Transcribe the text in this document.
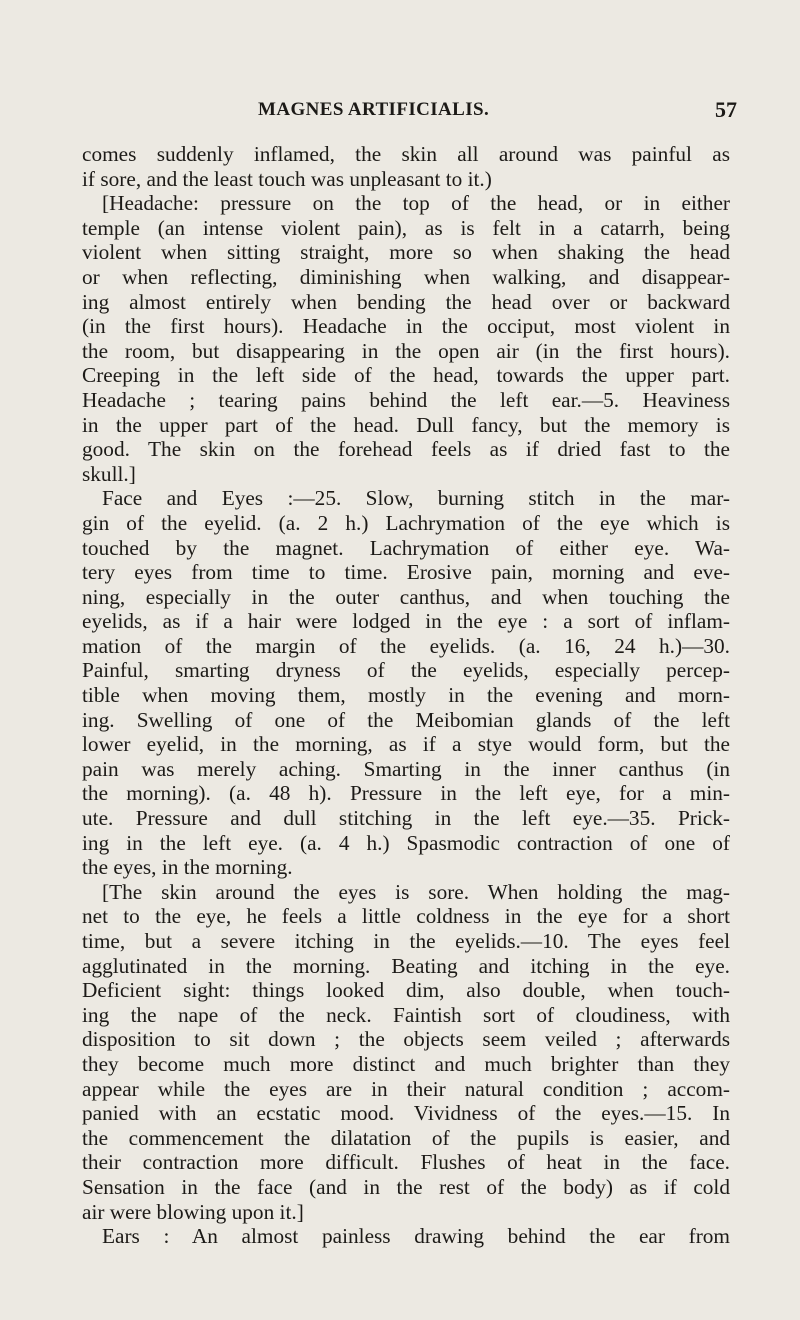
MAGNES ARTIFICIALIS.	57
comes suddenly inflamed, the skin all around was painful as
if sore, and the least touch was unpleasant to it.)
[Headache: pressure on the top of the head, or in either
temple (an intense violent pain), as is felt in a catarrh, being
violent when sitting straight, more so when shaking the head
or when reflecting, diminishing when walking, and disappear-
ing almost entirely when bending the head over or backward
(in the first hours). Headache in the occiput, most violent in
the room, but disappearing in the open air (in the first hours).
Creeping in the left side of the head, towards the upper part.
Headache ; tearing pains behind the left ear.—5. Heaviness
in the upper part of the head. Dull fancy, but the memory is
good. The skin on the forehead feels as if dried fast to the
skull.]
Face and Eyes :—25. Slow, burning stitch in the mar-
gin of the eyelid. (a. 2 h.) Lachrymation of the eye which is
touched by the magnet. Lachrymation of either eye. Wa-
tery eyes from time to time. Erosive pain, morning and eve-
ning, especially in the outer canthus, and when touching the
eyelids, as if a hair were lodged in the eye : a sort of inflam-
mation of the margin of the eyelids. (a. 16, 24 h.)—30.
Painful, smarting dryness of the eyelids, especially percep-
tible when moving them, mostly in the evening and morn-
ing. Swelling of one of the Meibomian glands of the left
lower eyelid, in the morning, as if a stye would form, but the
pain was merely aching. Smarting in the inner canthus (in
the morning). (a. 48 h). Pressure in the left eye, for a min-
ute. Pressure and dull stitching in the left eye.—35. Prick-
ing in the left eye. (a. 4 h.) Spasmodic contraction of one of
the eyes, in the morning.
[The skin around the eyes is sore. When holding the mag-
net to the eye, he feels a little coldness in the eye for a short
time, but a severe itching in the eyelids.—10. The eyes feel
agglutinated in the morning. Beating and itching in the eye.
Deficient sight: things looked dim, also double, when touch-
ing the nape of the neck. Faintish sort of cloudiness, with
disposition to sit down ; the objects seem veiled ; afterwards
they become much more distinct and much brighter than they
appear while the eyes are in their natural condition ; accom-
panied with an ecstatic mood. Vividness of the eyes.—15. In
the commencement the dilatation of the pupils is easier, and
their contraction more difficult. Flushes of heat in the face.
Sensation in the face (and in the rest of the body) as if cold
air were blowing upon it.]
Ears : An almost painless drawing behind the ear from
